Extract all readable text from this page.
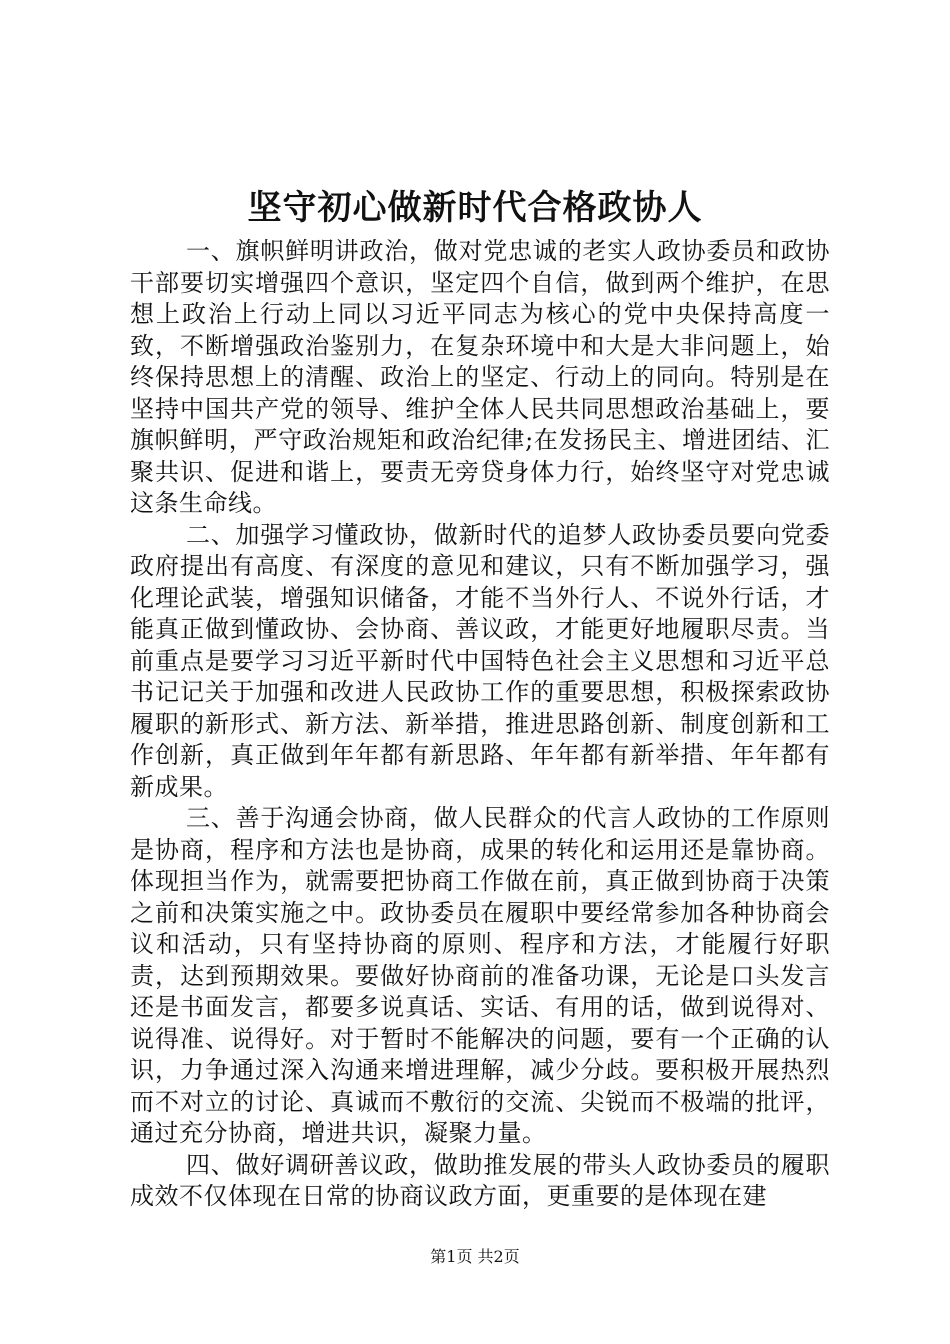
坚守初心做新时代合格政协人

一、旗帜鲜明讲政治，做对党忠诚的老实人政协委员和政协干部要切实增强四个意识，坚定四个自信，做到两个维护，在思想上政治上行动上同以习近平同志为核心的党中央保持高度一致，不断增强政治鉴别力，在复杂环境中和大是大非问题上，始终保持思想上的清醒、政治上的坚定、行动上的同向。特别是在坚持中国共产党的领导、维护全体人民共同思想政治基础上，要旗帜鲜明，严守政治规矩和政治纪律;在发扬民主、增进团结、汇聚共识、促进和谐上，要责无旁贷身体力行，始终坚守对党忠诚这条生命线。

二、加强学习懂政协，做新时代的追梦人政协委员要向党委政府提出有高度、有深度的意见和建议，只有不断加强学习，强化理论武装，增强知识储备，才能不当外行人、不说外行话，才能真正做到懂政协、会协商、善议政，才能更好地履职尽责。当前重点是要学习习近平新时代中国特色社会主义思想和习近平总书记记关于加强和改进人民政协工作的重要思想，积极探索政协履职的新形式、新方法、新举措，推进思路创新、制度创新和工作创新，真正做到年年都有新思路、年年都有新举措、年年都有新成果。

三、善于沟通会协商，做人民群众的代言人政协的工作原则是协商，程序和方法也是协商，成果的转化和运用还是靠协商。体现担当作为，就需要把协商工作做在前，真正做到协商于决策之前和决策实施之中。政协委员在履职中要经常参加各种协商会议和活动，只有坚持协商的原则、程序和方法，才能履行好职责，达到预期效果。要做好协商前的准备功课，无论是口头发言还是书面发言，都要多说真话、实话、有用的话，做到说得对、说得准、说得好。对于暂时不能解决的问题，要有一个正确的认识，力争通过深入沟通来增进理解，减少分歧。要积极开展热烈而不对立的讨论、真诚而不敷衍的交流、尖锐而不极端的批评，通过充分协商，增进共识，凝聚力量。

四、做好调研善议政，做助推发展的带头人政协委员的履职成效不仅体现在日常的协商议政方面，更重要的是体现在建

第1页 共2页
